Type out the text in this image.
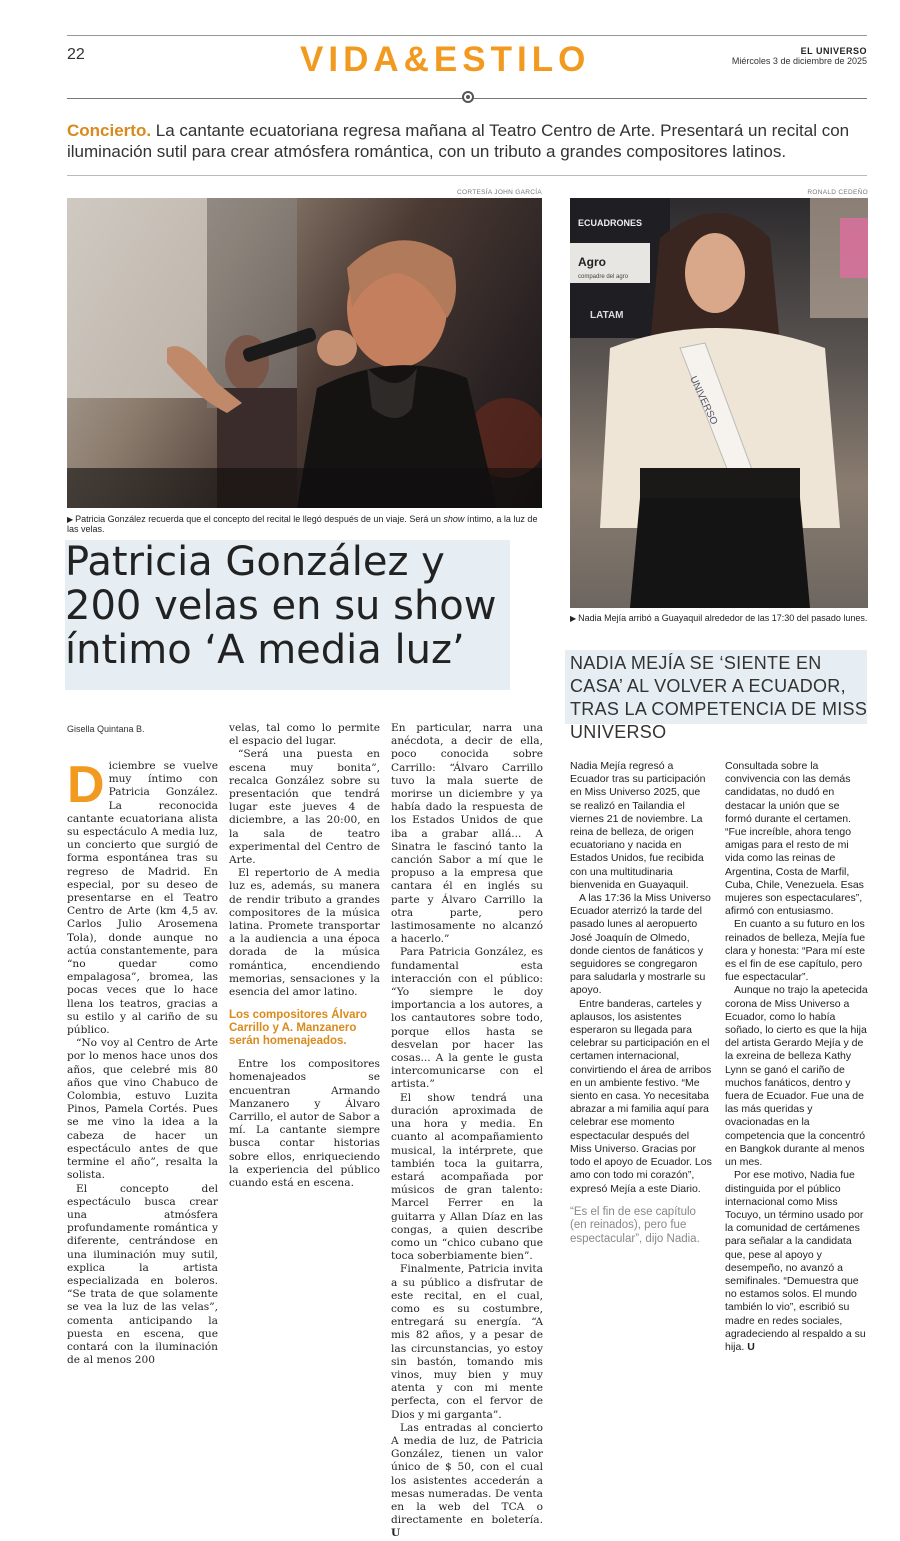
22	VIDA&ESTILO	EL UNIVERSO
Miércoles 3 de diciembre de 2025
Concierto. La cantante ecuatoriana regresa mañana al Teatro Centro de Arte. Presentará un recital con iluminación sutil para crear atmósfera romántica, con un tributo a grandes compositores latinos.
CORTESÍA JOHN GARCÍA
▶ Patricia González recuerda que el concepto del recital le llegó después de un viaje. Será un show íntimo, a la luz de las velas.
RONALD CEDEÑO
ECUADRONES
Agro
compadre del agro
LATAM
UNIVERSO
▶ Nadia Mejía arribó a Guayaquil alrededor de las 17:30 del pasado lunes.
Patricia González y 200 velas en su show íntimo ‘A media luz’
Gisella Quintana B.
NADIA MEJÍA SE ‘SIENTE EN CASA’ AL VOLVER A ECUADOR, TRAS LA COMPETENCIA DE MISS UNIVERSO

Diciembre se vuelve muy íntimo con Patricia González. La reconocida cantante ecuatoriana alista su espectáculo A media luz, un concierto que surgió de forma espontánea tras su regreso de Madrid. En especial, por su deseo de presentarse en el Teatro Centro de Arte (km 4,5 av. Carlos Julio Arosemena Tola), donde aunque no actúa constantemente, para “no quedar como empalagosa”, bromea, las pocas veces que lo hace llena los teatros, gracias a su estilo y al cariño de su público.

“No voy al Centro de Arte por lo menos hace unos dos años, que celebré mis 80 años que vino Chabuco de Colombia, estuvo Luzita Pinos, Pamela Cortés. Pues se me vino la idea a la cabeza de hacer un espectáculo antes de que termine el año”, resalta la solista.

El concepto del espectáculo busca crear una atmósfera profundamente romántica y diferente, centrándose en una iluminación muy sutil, explica la artista especializada en boleros. “Se trata de que solamente se vea la luz de las velas”, comenta anticipando la puesta en escena, que contará con la iluminación de al menos 200

velas, tal como lo permite el espacio del lugar.

“Será una puesta en escena muy bonita”, recalca González sobre su presentación que tendrá lugar este jueves 4 de diciembre, a las 20:00, en la sala de teatro experimental del Centro de Arte.

El repertorio de A media luz es, además, su manera de rendir tributo a grandes compositores de la música latina. Promete transportar a la audiencia a una época dorada de la música romántica, encendiendo memorias, sensaciones y la esencia del amor latino.

Los compositores Álvaro Carrillo y A. Manzanero serán homenajeados.

Entre los compositores homenajeados se encuentran Armando Manzanero y Álvaro Carrillo, el autor de Sabor a mí. La cantante siempre busca contar historias sobre ellos, enriqueciendo la experiencia del público cuando está en escena.

En particular, narra una anécdota, a decir de ella, poco conocida sobre Carrillo: “Álvaro Carrillo tuvo la mala suerte de morirse un diciembre y ya había dado la respuesta de los Estados Unidos de que iba a grabar allá... A Sinatra le fascinó tanto la canción Sabor a mí que le propuso a la empresa que cantara él en inglés su parte y Álvaro Carrillo la otra parte, pero lastimosamente no alcanzó a hacerlo.”

Para Patricia González, es fundamental esta interacción con el público: “Yo siempre le doy importancia a los autores, a los cantautores sobre todo, porque ellos hasta se desvelan por hacer las cosas... A la gente le gusta intercomunicarse con el artista.”

El show tendrá una duración aproximada de una hora y media. En cuanto al acompañamiento musical, la intérprete, que también toca la guitarra, estará acompañada por músicos de gran talento: Marcel Ferrer en la guitarra y Allan Díaz en las congas, a quien describe como un “chico cubano que toca soberbiamente bien”.

Finalmente, Patricia invita a su público a disfrutar de este recital, en el cual, como es su costumbre, entregará su energía. “A mis 82 años, y a pesar de las circunstancias, yo estoy sin bastón, tomando mis vinos, muy bien y muy atenta y con mi mente perfecta, con el fervor de Dios y mi garganta”.

Las entradas al concierto A media de luz, de Patricia González, tienen un valor único de $ 50, con el cual los asistentes accederán a mesas numeradas. De venta en la web del TCA o directamente en boletería. U

Nadia Mejía regresó a Ecuador tras su participación en Miss Universo 2025, que se realizó en Tailandia el viernes 21 de noviembre. La reina de belleza, de origen ecuatoriano y nacida en Estados Unidos, fue recibida con una multitudinaria bienvenida en Guayaquil.

A las 17:36 la Miss Universo Ecuador aterrizó la tarde del pasado lunes al aeropuerto José Joaquín de Olmedo, donde cientos de fanáticos y seguidores se congregaron para saludarla y mostrarle su apoyo.

Entre banderas, carteles y aplausos, los asistentes esperaron su llegada para celebrar su participación en el certamen internacional, convirtiendo el área de arribos en un ambiente festivo. “Me siento en casa. Yo necesitaba abrazar a mi familia aquí para celebrar ese momento espectacular después del Miss Universo. Gracias por todo el apoyo de Ecuador. Los amo con todo mi corazón”, expresó Mejía a este Diario.

“Es el fin de ese capítulo (en reinados), pero fue espectacular”, dijo Nadia.

Consultada sobre la convivencia con las demás candidatas, no dudó en destacar la unión que se formó durante el certamen. “Fue increíble, ahora tengo amigas para el resto de mi vida como las reinas de Argentina, Costa de Marfil, Cuba, Chile, Venezuela. Esas mujeres son espectaculares”, afirmó con entusiasmo.

En cuanto a su futuro en los reinados de belleza, Mejía fue clara y honesta: “Para mí este es el fin de ese capítulo, pero fue espectacular”.

Aunque no trajo la apetecida corona de Miss Universo a Ecuador, como lo había soñado, lo cierto es que la hija del artista Gerardo Mejía y de la exreina de belleza Kathy Lynn se ganó el cariño de muchos fanáticos, dentro y fuera de Ecuador. Fue una de las más queridas y ovacionadas en la competencia que la concentró en Bangkok durante al menos un mes.

Por ese motivo, Nadia fue distinguida por el público internacional como Miss Tocuyo, un término usado por la comunidad de certámenes para señalar a la candidata que, pese al apoyo y desempeño, no avanzó a semifinales. “Demuestra que no estamos solos. El mundo también lo vio”, escribió su madre en redes sociales, agradeciendo al respaldo a su hija. U
